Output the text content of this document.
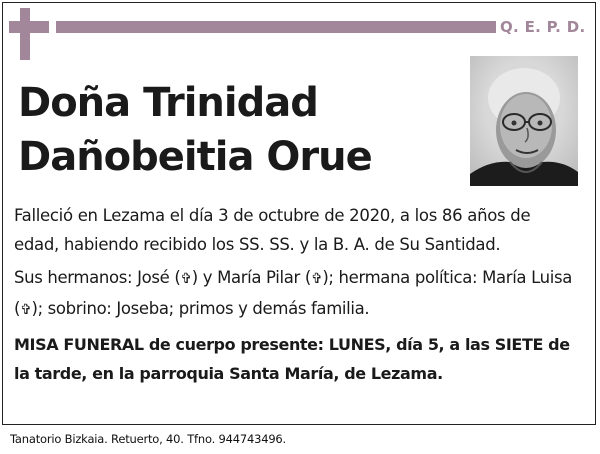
Q. E. P. D.
Doña Trinidad
Dañobeitia Orue

Falleció en Lezama el día 3 de octubre de 2020, a los 86 años de edad, habiendo recibido los SS. SS. y la B. A. de Su Santidad.

Sus hermanos: José (✞) y María Pilar (✞); hermana política: María Luisa (✞); sobrino: Joseba; primos y demás familia.

MISA FUNERAL de cuerpo presente: LUNES, día 5, a las SIETE de la tarde, en la parroquia Santa María, de Lezama.

Tanatorio Bizkaia. Retuerto, 40. Tfno. 944743496.
